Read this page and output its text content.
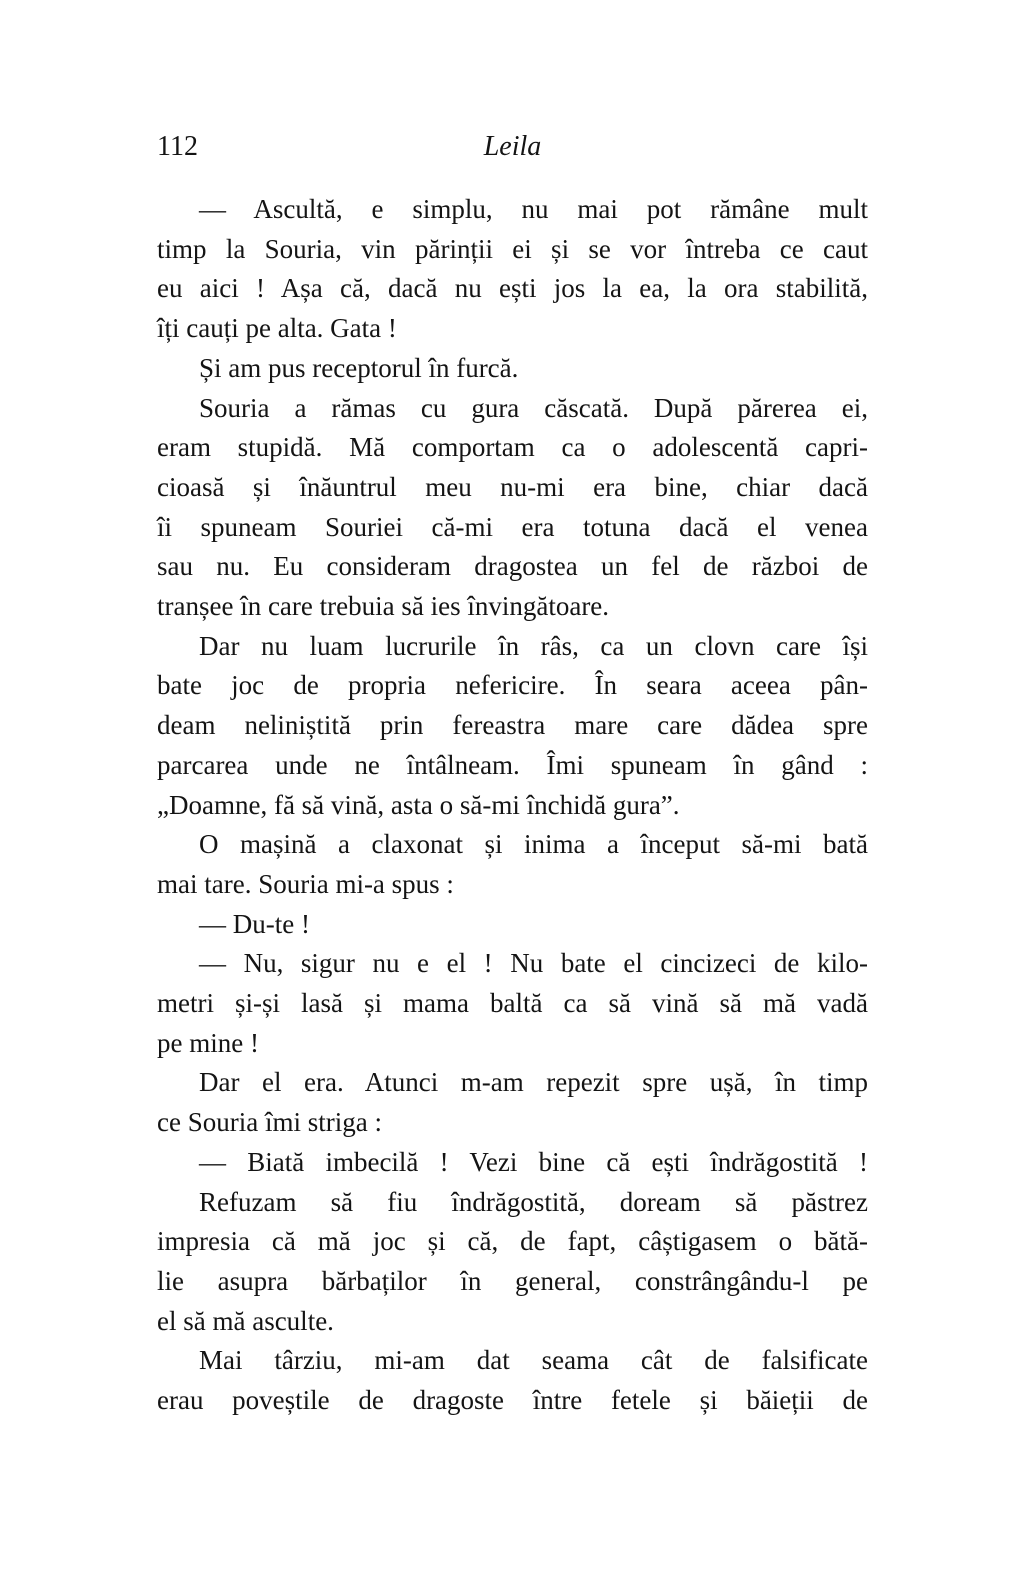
112	Leila
— Ascultă, e simplu, nu mai pot rămâne mult
timp la Souria, vin părinții ei și se vor întreba ce caut
eu aici ! Așa că, dacă nu ești jos la ea, la ora stabilită,
îți cauți pe alta. Gata !
Și am pus receptorul în furcă.
Souria a rămas cu gura căscată. După părerea ei,
eram stupidă. Mă comportam ca o adolescentă capri-
cioasă și înăuntrul meu nu-mi era bine, chiar dacă
îi spuneam Souriei că-mi era totuna dacă el venea
sau nu. Eu consideram dragostea un fel de război de
tranșee în care trebuia să ies învingătoare.
Dar nu luam lucrurile în râs, ca un clovn care își
bate joc de propria nefericire. În seara aceea pân-
deam neliniștită prin fereastra mare care dădea spre
parcarea unde ne întâlneam. Îmi spuneam în gând :
„Doamne, fă să vină, asta o să-mi închidă gura”.
O mașină a claxonat și inima a început să-mi bată
mai tare. Souria mi-a spus :
— Du-te !
— Nu, sigur nu e el ! Nu bate el cincizeci de kilo-
metri și-și lasă și mama baltă ca să vină să mă vadă
pe mine !
Dar el era. Atunci m-am repezit spre ușă, în timp
ce Souria îmi striga :
— Biată imbecilă ! Vezi bine că ești îndrăgostită !
Refuzam să fiu îndrăgostită, doream să păstrez
impresia că mă joc și că, de fapt, câștigasem o bătă-
lie asupra bărbaților în general, constrângându-l pe
el să mă asculte.
Mai târziu, mi-am dat seama cât de falsificate
erau poveștile de dragoste între fetele și băieții de
